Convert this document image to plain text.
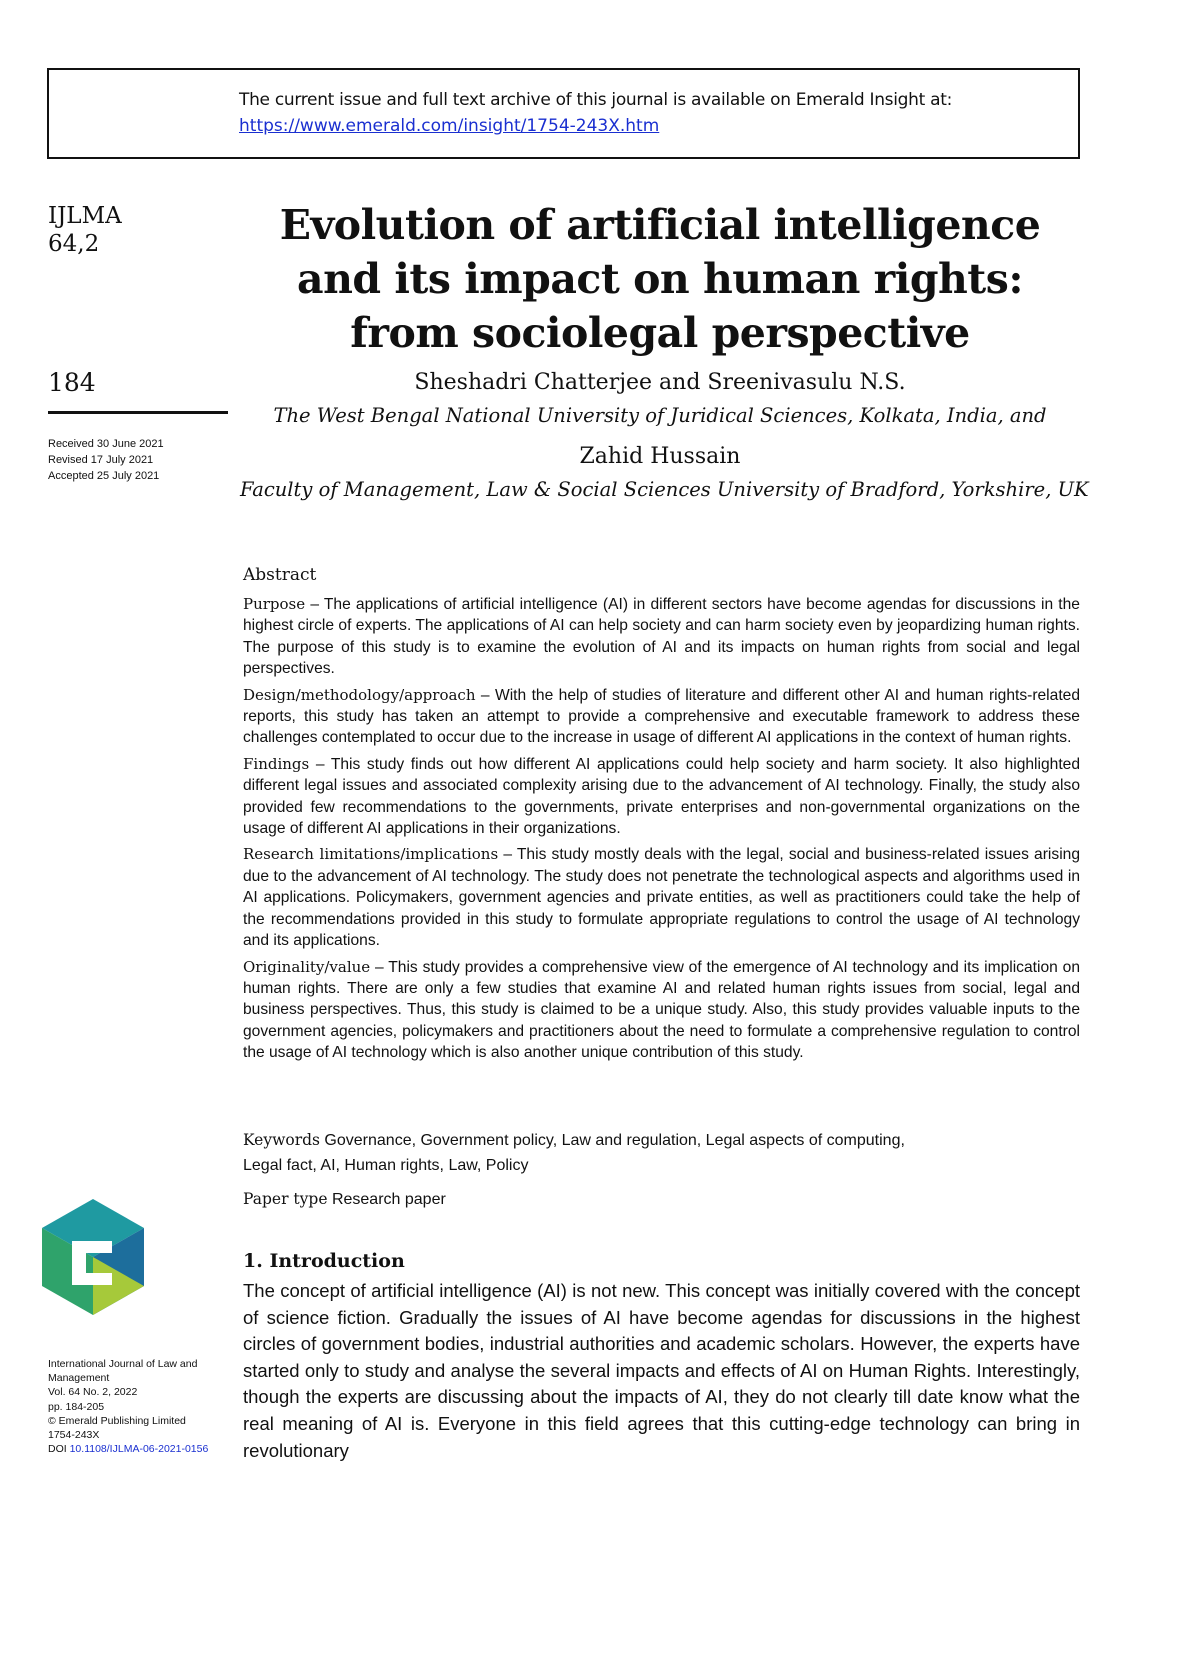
The current issue and full text archive of this journal is available on Emerald Insight at:
https://www.emerald.com/insight/1754-243X.htm
IJLMA
64,2
184
Received 30 June 2021
Revised 17 July 2021
Accepted 25 July 2021
Evolution of artificial intelligence
and its impact on human rights:
from sociolegal perspective
Sheshadri Chatterjee and Sreenivasulu N.S.
The West Bengal National University of Juridical Sciences, Kolkata, India, and
Zahid Hussain
Faculty of Management, Law & Social Sciences University of Bradford, Yorkshire, UK
Abstract

Purpose – The applications of artificial intelligence (AI) in different sectors have become agendas for discussions in the highest circle of experts. The applications of AI can help society and can harm society even by jeopardizing human rights. The purpose of this study is to examine the evolution of AI and its impacts on human rights from social and legal perspectives.

Design/methodology/approach – With the help of studies of literature and different other AI and human rights-related reports, this study has taken an attempt to provide a comprehensive and executable framework to address these challenges contemplated to occur due to the increase in usage of different AI applications in the context of human rights.

Findings – This study finds out how different AI applications could help society and harm society. It also highlighted different legal issues and associated complexity arising due to the advancement of AI technology. Finally, the study also provided few recommendations to the governments, private enterprises and non-governmental organizations on the usage of different AI applications in their organizations.

Research limitations/implications – This study mostly deals with the legal, social and business-related issues arising due to the advancement of AI technology. The study does not penetrate the technological aspects and algorithms used in AI applications. Policymakers, government agencies and private entities, as well as practitioners could take the help of the recommendations provided in this study to formulate appropriate regulations to control the usage of AI technology and its applications.

Originality/value – This study provides a comprehensive view of the emergence of AI technology and its implication on human rights. There are only a few studies that examine AI and related human rights issues from social, legal and business perspectives. Thus, this study is claimed to be a unique study. Also, this study provides valuable inputs to the government agencies, policymakers and practitioners about the need to formulate a comprehensive regulation to control the usage of AI technology which is also another unique contribution of this study.

Keywords Governance, Government policy, Law and regulation, Legal aspects of computing,
Legal fact, AI, Human rights, Law, Policy
Paper type Research paper
International Journal of Law and
Management
Vol. 64 No. 2, 2022
pp. 184-205
© Emerald Publishing Limited
1754-243X
DOI 10.1108/IJLMA-06-2021-0156
1. Introduction
The concept of artificial intelligence (AI) is not new. This concept was initially covered with the concept of science fiction. Gradually the issues of AI have become agendas for discussions in the highest circles of government bodies, industrial authorities and academic scholars. However, the experts have started only to study and analyse the several impacts and effects of AI on Human Rights. Interestingly, though the experts are discussing about the impacts of AI, they do not clearly till date know what the real meaning of AI is. Everyone in this field agrees that this cutting-edge technology can bring in revolutionary
